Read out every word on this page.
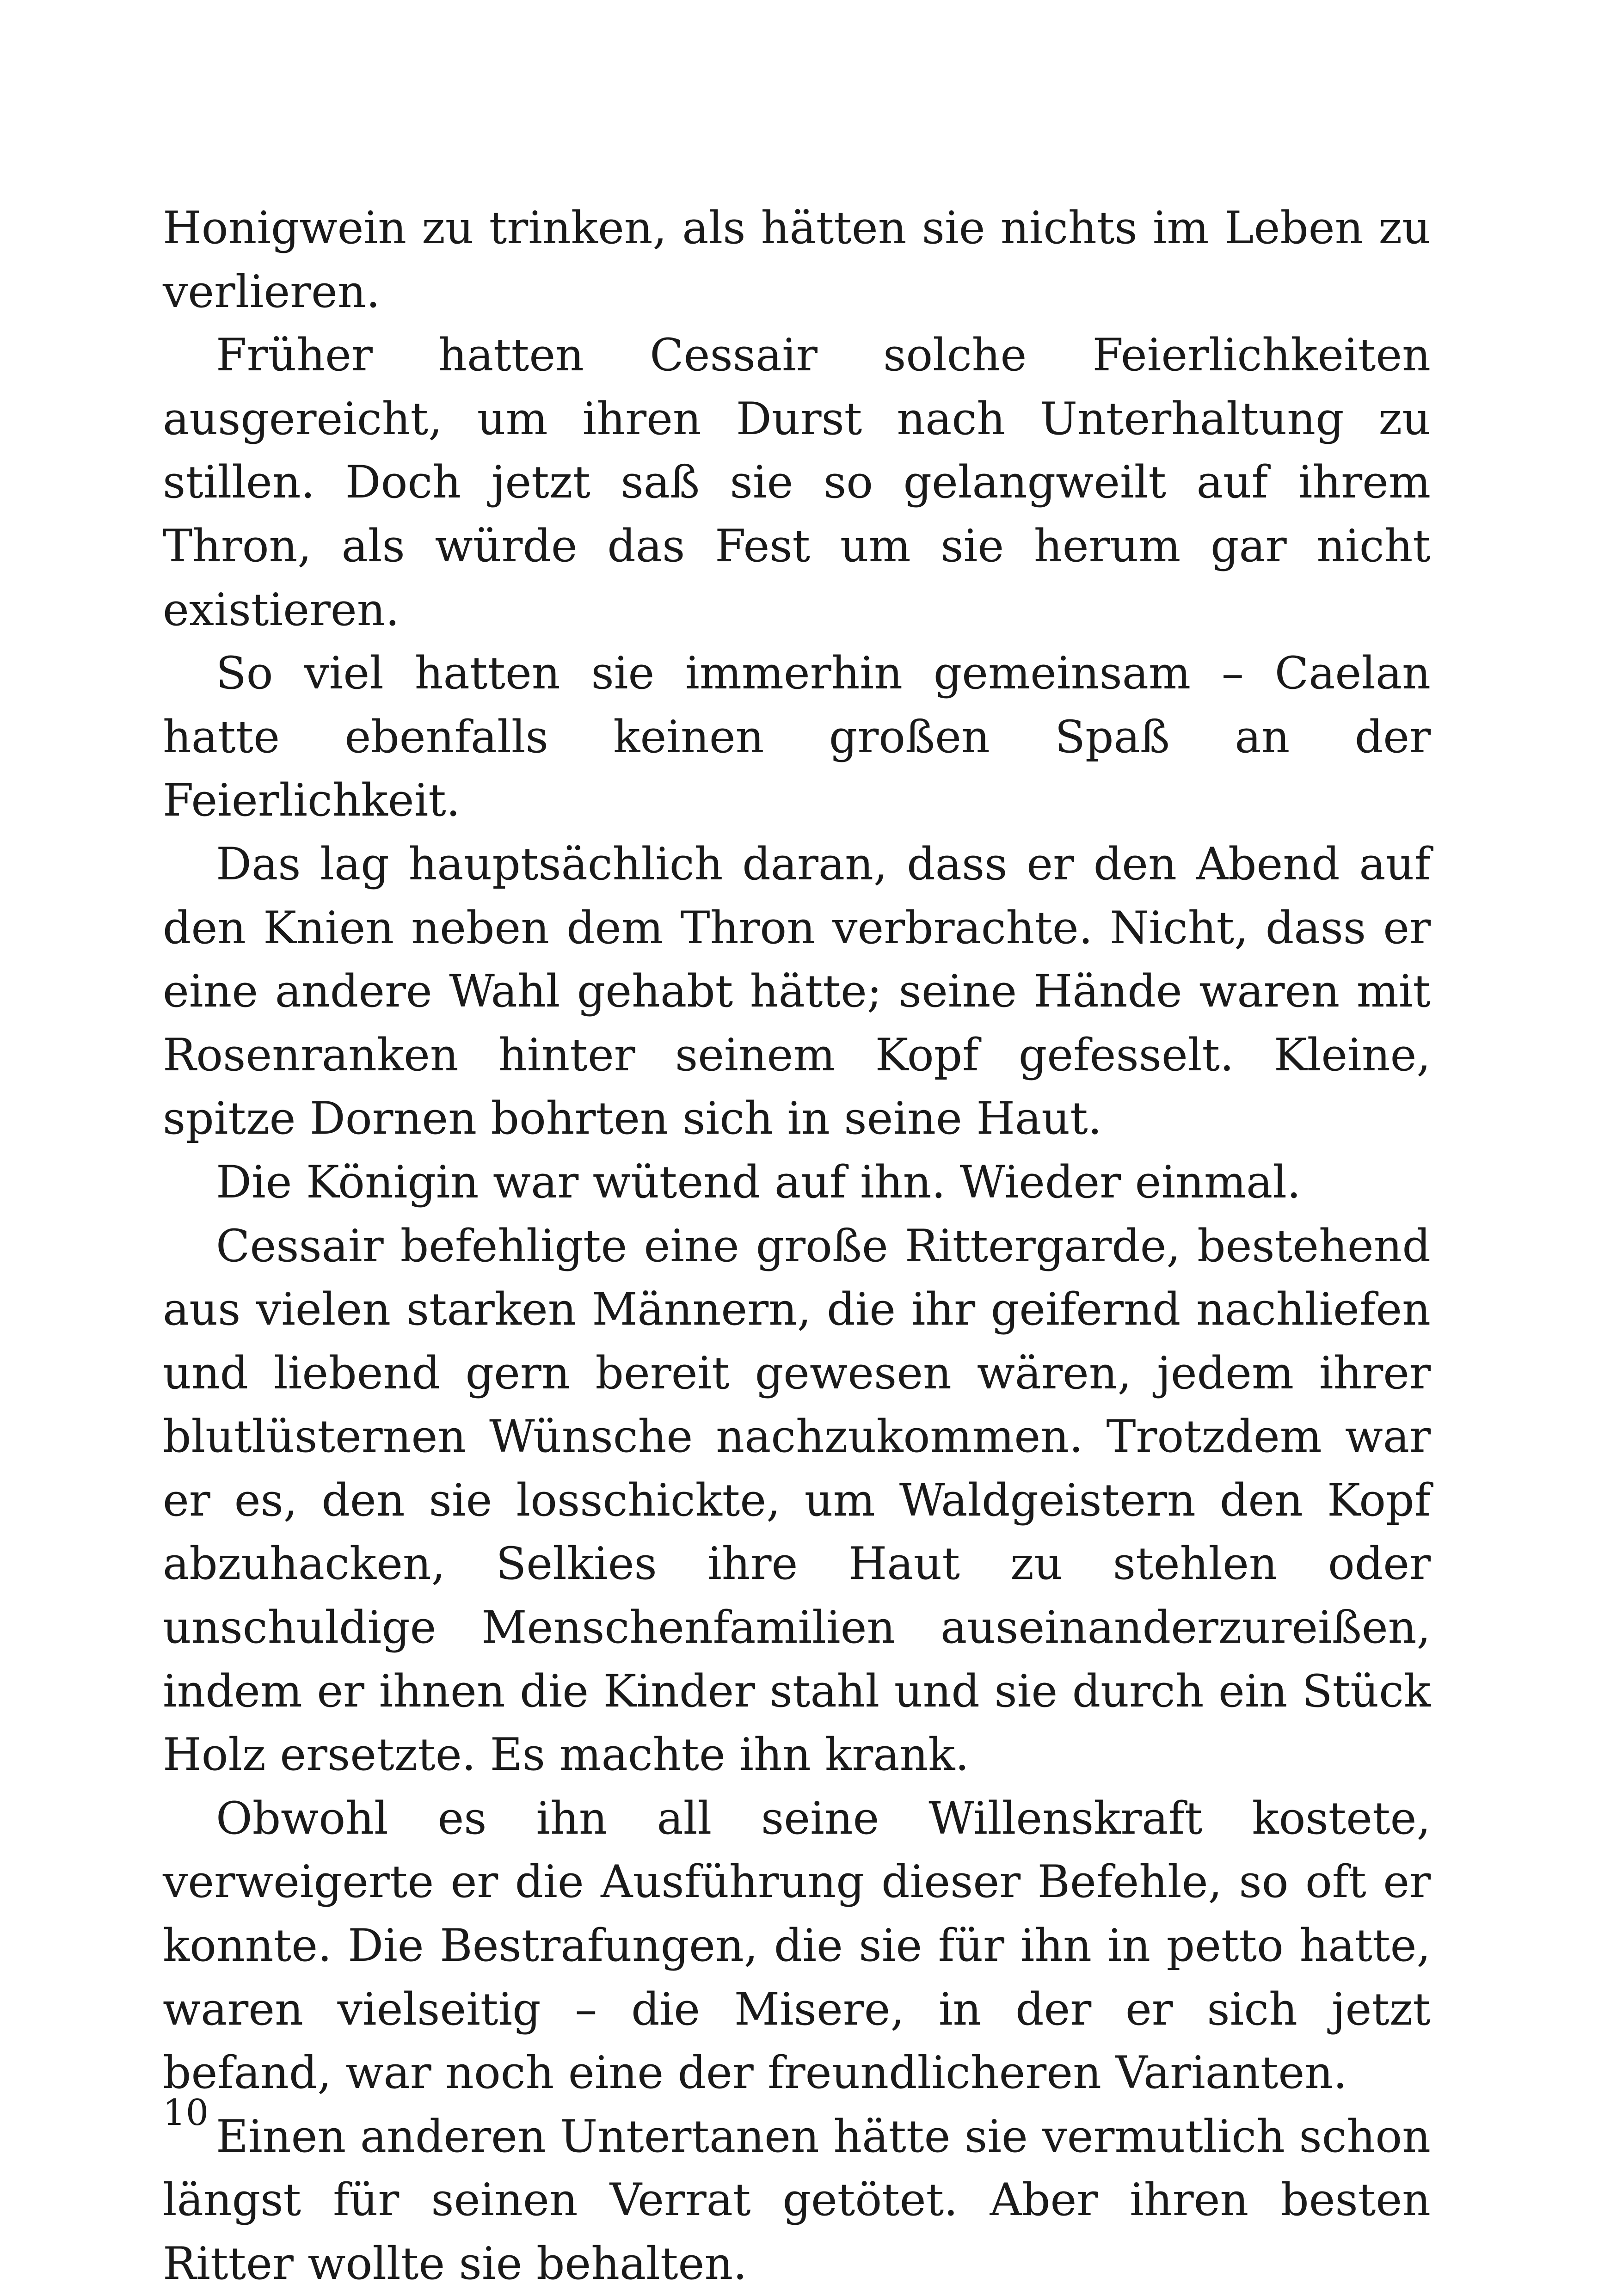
Honigwein zu trinken, als hätten sie nichts im Leben zu verlieren.

Früher hatten Cessair solche Feierlichkeiten ausgereicht, um ihren Durst nach Unterhaltung zu stillen. Doch jetzt saß sie so gelangweilt auf ihrem Thron, als würde das Fest um sie herum gar nicht existieren.

So viel hatten sie immerhin gemeinsam – Caelan hatte ebenfalls keinen großen Spaß an der Feierlichkeit.

Das lag hauptsächlich daran, dass er den Abend auf den Knien neben dem Thron verbrachte. Nicht, dass er eine andere Wahl gehabt hätte; seine Hände waren mit Rosenranken hinter seinem Kopf gefesselt. Kleine, spitze Dornen bohrten sich in seine Haut.

Die Königin war wütend auf ihn. Wieder einmal.

Cessair befehligte eine große Rittergarde, bestehend aus vielen starken Männern, die ihr geifernd nachliefen und liebend gern bereit gewesen wären, jedem ihrer blutlüsternen Wünsche nachzukommen. Trotzdem war er es, den sie losschickte, um Waldgeistern den Kopf abzuhacken, Selkies ihre Haut zu stehlen oder unschuldige Menschenfamilien auseinanderzureißen, indem er ihnen die Kinder stahl und sie durch ein Stück Holz ersetzte. Es machte ihn krank.

Obwohl es ihn all seine Willenskraft kostete, verweigerte er die Ausführung dieser Befehle, so oft er konnte. Die Bestrafungen, die sie für ihn in petto hatte, waren vielseitig – die Misere, in der er sich jetzt befand, war noch eine der freundlicheren Varianten.

Einen anderen Untertanen hätte sie vermutlich schon längst für seinen Verrat getötet. Aber ihren besten Ritter wollte sie behalten.

10
